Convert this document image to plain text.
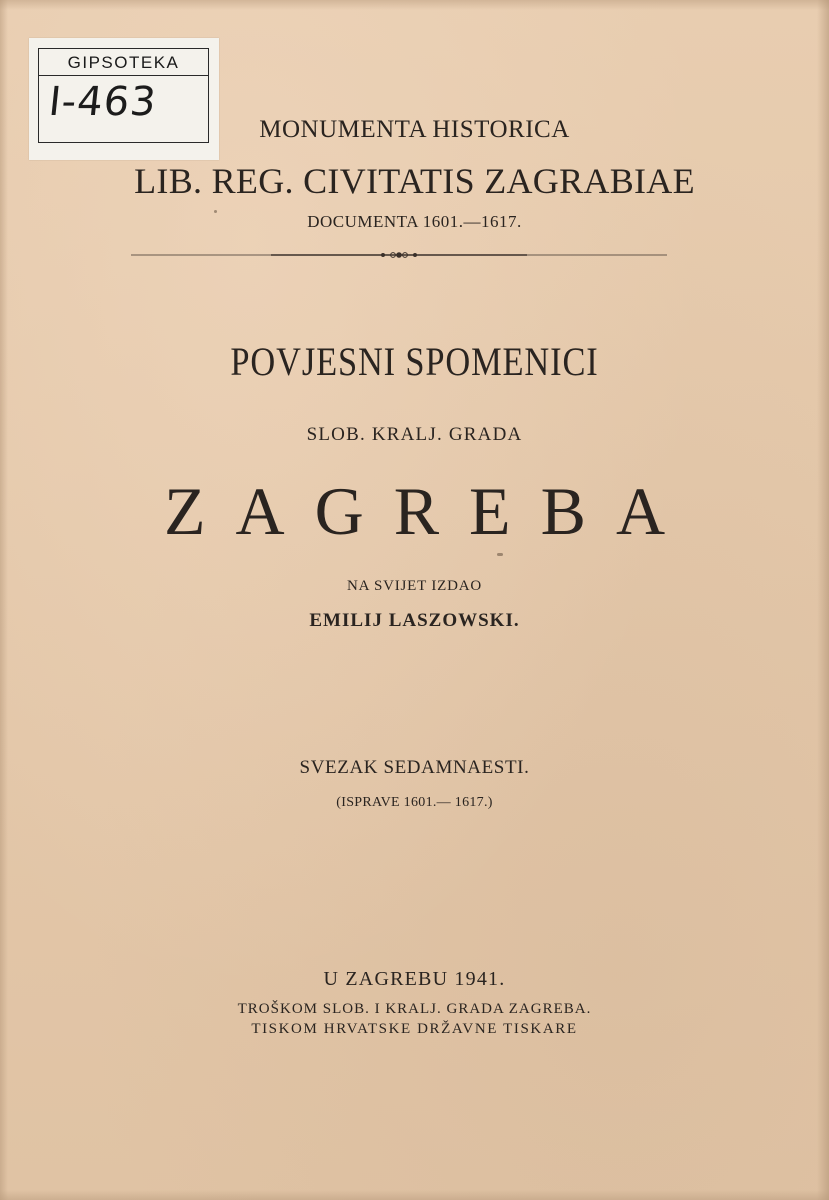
GIPSOTEKA
I-463
MONUMENTA HISTORICA
LIB. REG. CIVITATIS ZAGRABIAE
DOCUMENTA 1601.—1617.
POVJESNI SPOMENICI
SLOB. KRALJ. GRADA
ZAGREBA
NA SVIJET IZDAO
EMILIJ LASZOWSKI.
SVEZAK SEDAMNAESTI.
(ISPRAVE 1601.— 1617.)
U ZAGREBU 1941.
TROŠKOM SLOB. I KRALJ. GRADA ZAGREBA.
TISKOM HRVATSKE DRŽAVNE TISKARE
